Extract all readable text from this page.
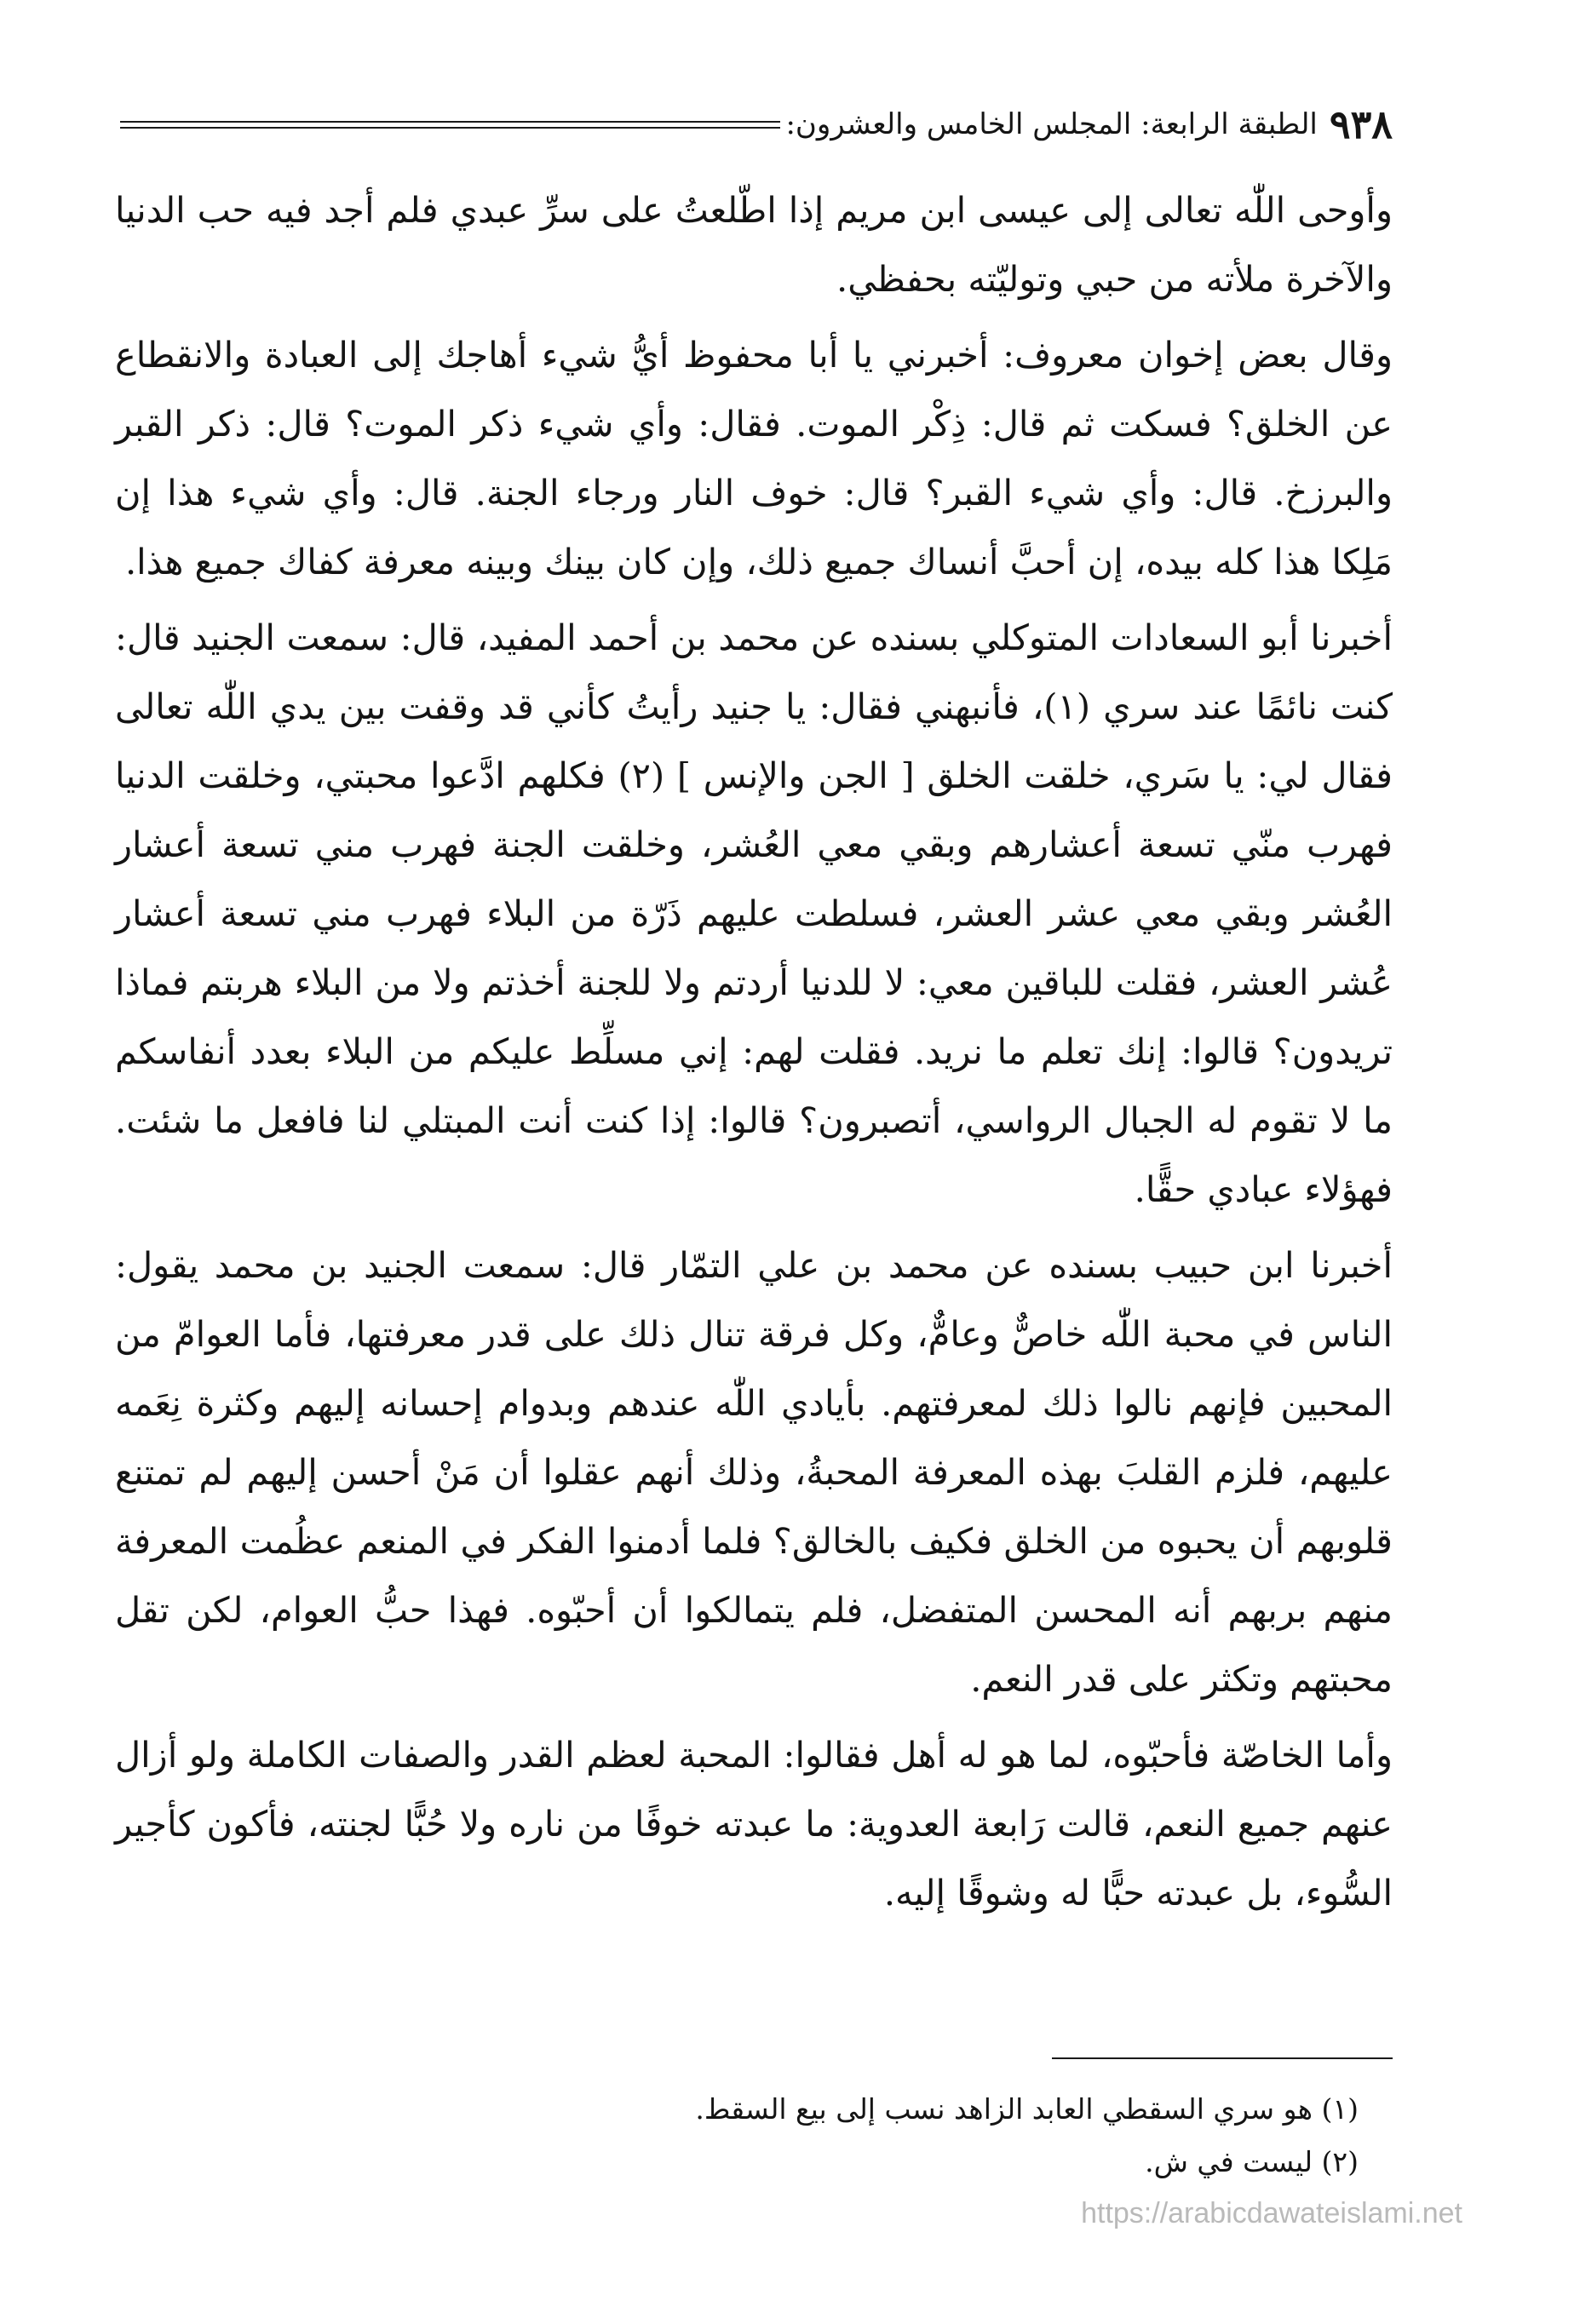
٩٣٨
الطبقة الرابعة: المجلس الخامس والعشرون:

وأوحى اللّٰه تعالى إلى عيسى ابن مريم إذا اطّلعتُ على سرِّ عبدي فلم أجد فيه حب الدنيا والآخرة ملأته من حبي وتوليّته بحفظي.

وقال بعض إخوان معروف: أخبرني يا أبا محفوظ أيُّ شيء أهاجك إلى العبادة والانقطاع عن الخلق؟ فسكت ثم قال: ذِكْر الموت. فقال: وأي شيء ذكر الموت؟ قال: ذكر القبر والبرزخ. قال: وأي شيء القبر؟ قال: خوف النار ورجاء الجنة. قال: وأي شيء هذا إن مَلِكا هذا كله بيده، إن أحبَّ أنساك جميع ذلك، وإن كان بينك وبينه معرفة كفاك جميع هذا.

أخبرنا أبو السعادات المتوكلي بسنده عن محمد بن أحمد المفيد، قال: سمعت الجنيد قال: كنت نائمًا عند سري (١)، فأنبهني فقال: يا جنيد رأيتُ كأني قد وقفت بين يدي اللّٰه تعالى فقال لي: يا سَري، خلقت الخلق [ الجن والإنس ] (٢) فكلهم ادَّعوا محبتي، وخلقت الدنيا فهرب منّي تسعة أعشارهم وبقي معي العُشر، وخلقت الجنة فهرب مني تسعة أعشار العُشر وبقي معي عشر العشر، فسلطت عليهم ذَرّة من البلاء فهرب مني تسعة أعشار عُشر العشر، فقلت للباقين معي: لا للدنيا أردتم ولا للجنة أخذتم ولا من البلاء هربتم فماذا تريدون؟ قالوا: إنك تعلم ما نريد. فقلت لهم: إني مسلِّط عليكم من البلاء بعدد أنفاسكم ما لا تقوم له الجبال الرواسي، أتصبرون؟ قالوا: إذا كنت أنت المبتلي لنا فافعل ما شئت. فهؤلاء عبادي حقًّا.

أخبرنا ابن حبيب بسنده عن محمد بن علي التمّار قال: سمعت الجنيد بن محمد يقول: الناس في محبة اللّٰه خاصٌّ وعامٌّ، وكل فرقة تنال ذلك على قدر معرفتها، فأما العوامّ من المحبين فإنهم نالوا ذلك لمعرفتهم. بأيادي اللّٰه عندهم وبدوام إحسانه إليهم وكثرة نِعَمه عليهم، فلزم القلبَ بهذه المعرفة المحبةُ، وذلك أنهم عقلوا أن مَنْ أحسن إليهم لم تمتنع قلوبهم أن يحبوه من الخلق فكيف بالخالق؟ فلما أدمنوا الفكر في المنعم عظُمت المعرفة منهم بربهم أنه المحسن المتفضل، فلم يتمالكوا أن أحبّوه. فهذا حبُّ العوام، لكن تقل محبتهم وتكثر على قدر النعم.

وأما الخاصّة فأحبّوه، لما هو له أهل فقالوا: المحبة لعظم القدر والصفات الكاملة ولو أزال عنهم جميع النعم، قالت رَابعة العدوية: ما عبدته خوفًا من ناره ولا حُبًّا لجنته، فأكون كأجير السُّوء، بل عبدته حبًّا له وشوقًا إليه.

(١) هو سري السقطي العابد الزاهد نسب إلى بيع السقط.

(٢) ليست في ش.

https://arabicdawateislami.net
